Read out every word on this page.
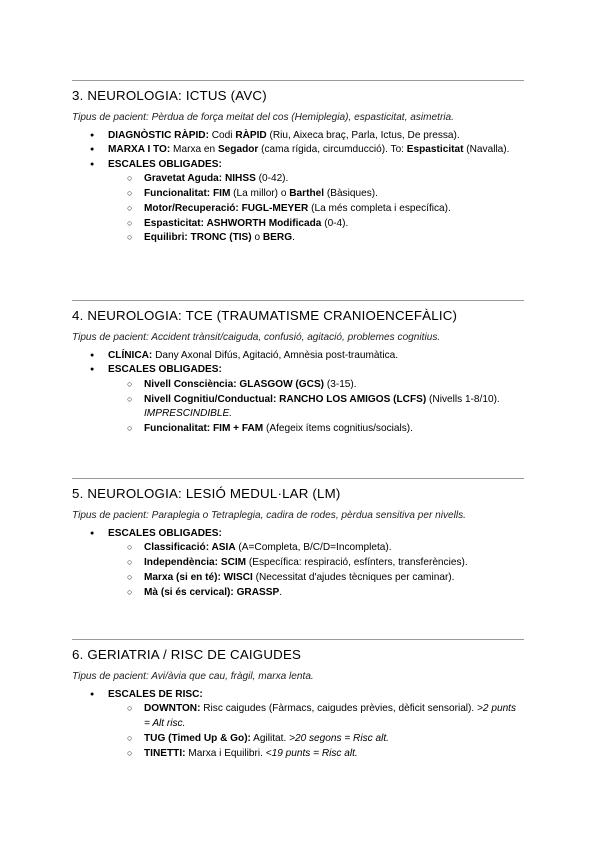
3. NEUROLOGIA: ICTUS (AVC)

Tipus de pacient: Pèrdua de força meitat del cos (Hemiplegia), espasticitat, asimetria.

● DIAGNÒSTIC RÀPID: Codi RÀPID (Riu, Aixeca braç, Parla, Ictus, De pressa).
● MARXA I TO: Marxa en Segador (cama rígida, circumducció). To: Espasticitat (Navalla).
● ESCALES OBLIGADES:
○ Gravetat Aguda: NIHSS (0-42).
○ Funcionalitat: FIM (La millor) o Barthel (Bàsiques).
○ Motor/Recuperació: FUGL-MEYER (La més completa i específica).
○ Espasticitat: ASHWORTH Modificada (0-4).
○ Equilibri: TRONC (TIS) o BERG.
4. NEUROLOGIA: TCE (TRAUMATISME CRANIOENCEFÀLIC)

Tipus de pacient: Accident trànsit/caiguda, confusió, agitació, problemes cognitius.

● CLÍNICA: Dany Axonal Difús, Agitació, Amnèsia post-traumàtica.
● ESCALES OBLIGADES:
○ Nivell Consciència: GLASGOW (GCS) (3-15).
○ Nivell Cognitiu/Conductual: RANCHO LOS AMIGOS (LCFS) (Nivells 1-8/10). IMPRESCINDIBLE.
○ Funcionalitat: FIM + FAM (Afegeix ítems cognitius/socials).
5. NEUROLOGIA: LESIÓ MEDUL·LAR (LM)

Tipus de pacient: Paraplegia o Tetraplegia, cadira de rodes, pèrdua sensitiva per nivells.

● ESCALES OBLIGADES:
○ Classificació: ASIA (A=Completa, B/C/D=Incompleta).
○ Independència: SCIM (Específica: respiració, esfínters, transferències).
○ Marxa (si en té): WISCI (Necessitat d'ajudes tècniques per caminar).
○ Mà (si és cervical): GRASSP.
6. GERIATRIA / RISC DE CAIGUDES

Tipus de pacient: Avi/àvia que cau, fràgil, marxa lenta.

● ESCALES DE RISC:
○ DOWNTON: Risc caigudes (Fàrmacs, caigudes prèvies, dèficit sensorial). >2 punts = Alt risc.
○ TUG (Timed Up & Go): Agilitat. >20 segons = Risc alt.
○ TINETTI: Marxa i Equilibri. <19 punts = Risc alt.
